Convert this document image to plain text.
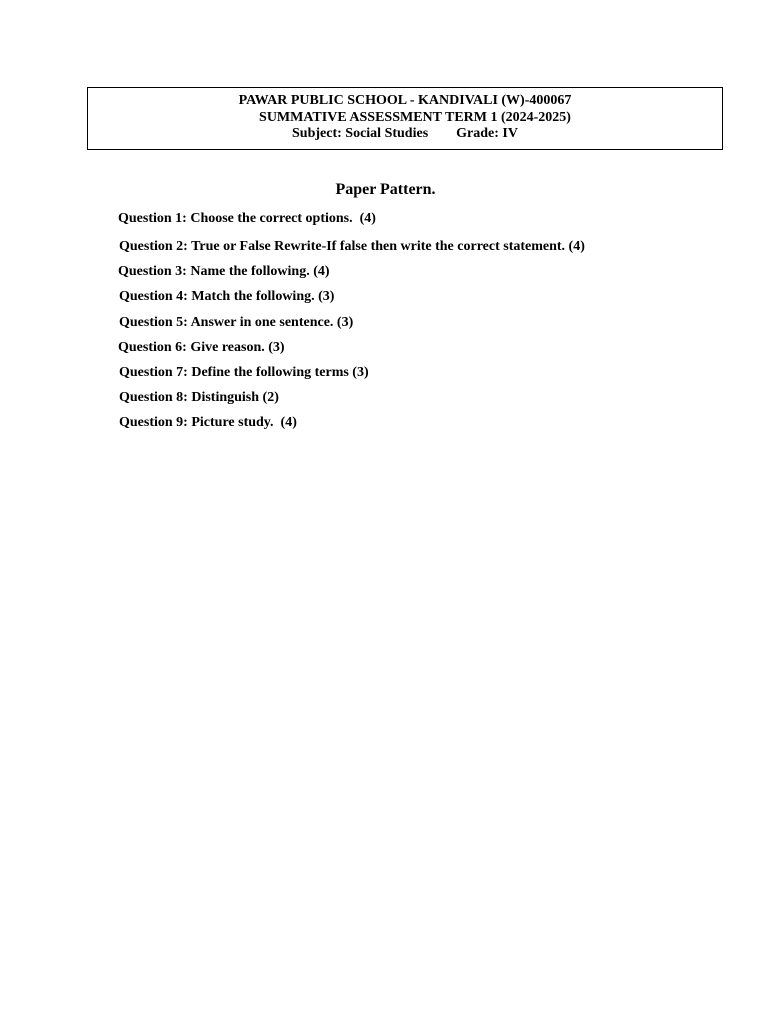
PAWAR PUBLIC SCHOOL - KANDIVALI (W)-400067
SUMMATIVE ASSESSMENT TERM 1 (2024-2025)
Subject: Social Studies Grade: IV
Paper Pattern.
Question 1: Choose the correct options.  (4)
Question 2: True or False Rewrite-If false then write the correct statement. (4)
Question 3: Name the following. (4)
Question 4: Match the following. (3)
Question 5: Answer in one sentence. (3)
Question 6: Give reason. (3)
Question 7: Define the following terms (3)
Question 8: Distinguish (2)
Question 9: Picture study.  (4)
